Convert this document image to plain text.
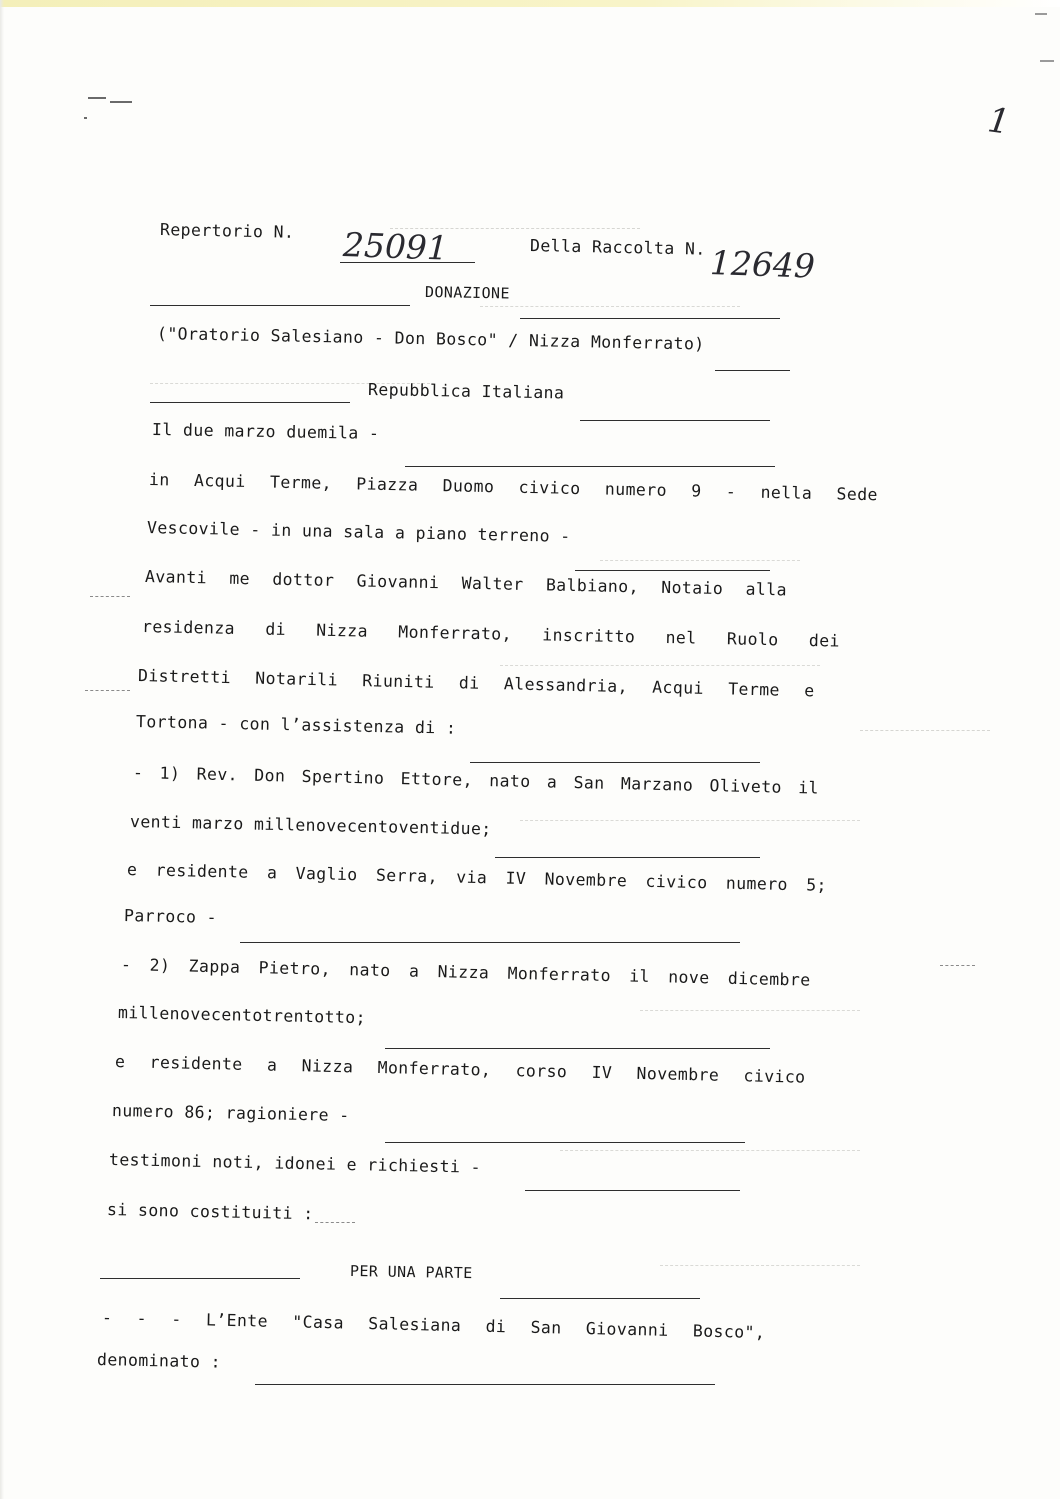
1
Repertorio N. 25091	Della Raccolta N. 12649
DONAZIONE
("Oratorio Salesiano - Don Bosco" / Nizza Monferrato)
Repubblica Italiana
Il due marzo duemila -
in Acqui Terme, Piazza Duomo civico numero 9 - nella Sede
Vescovile - in una sala a piano terreno -
Avanti me dottor Giovanni Walter Balbiano, Notaio alla
residenza di Nizza Monferrato, inscritto nel Ruolo dei
Distretti Notarili Riuniti di Alessandria, Acqui Terme e
Tortona - con l’assistenza di :
- 1) Rev. Don Spertino Ettore, nato a San Marzano Oliveto il
venti marzo millenovecentoventidue;
e residente a Vaglio Serra, via IV Novembre civico numero 5;
Parroco -
- 2) Zappa Pietro, nato a Nizza Monferrato il nove dicembre
millenovecentotrentotto;
e residente a Nizza Monferrato, corso IV Novembre civico
numero 86; ragioniere -
testimoni noti, idonei e richiesti -
si sono costituiti :
PER UNA PARTE
- - - L’Ente "Casa Salesiana di San Giovanni Bosco",
denominato :
